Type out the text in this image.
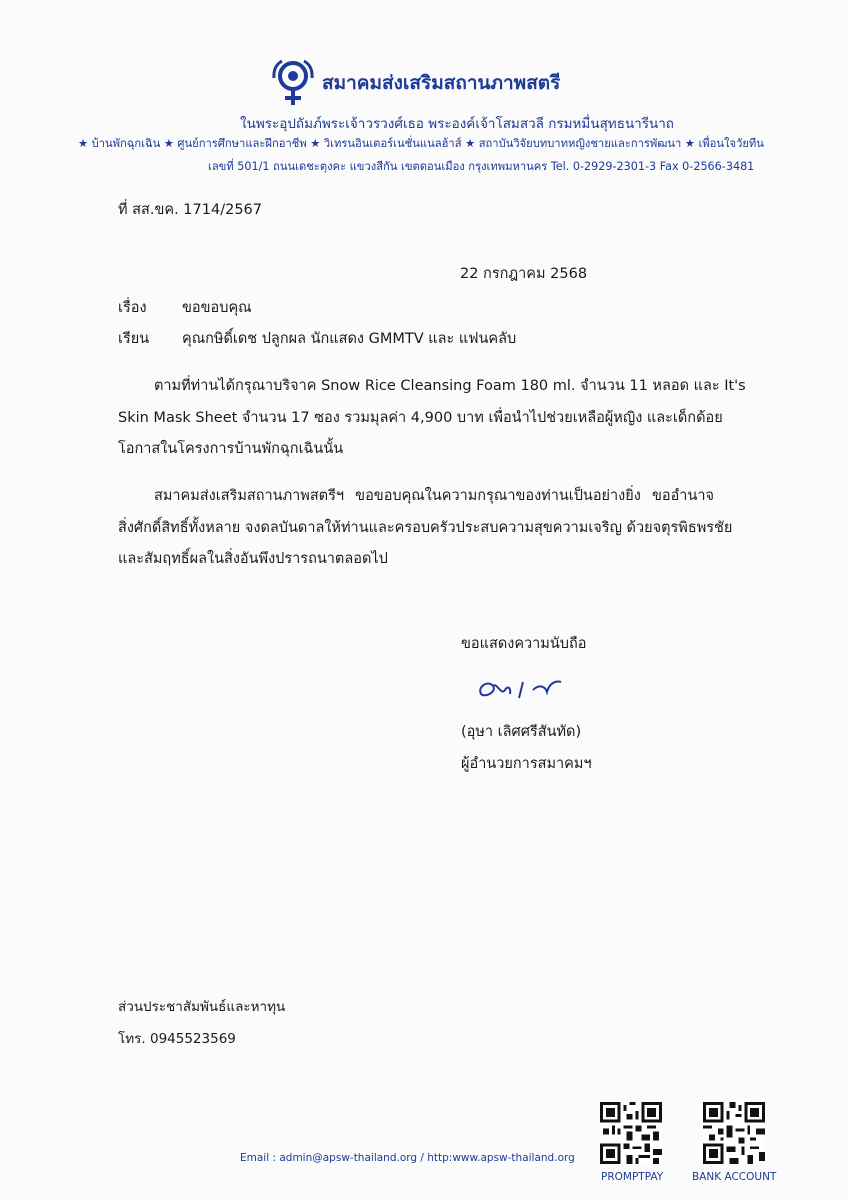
สมาคมส่งเสริมสถานภาพสตรี
ในพระอุปถัมภ์พระเจ้าวรวงศ์เธอ พระองค์เจ้าโสมสวลี กรมหมื่นสุทธนารีนาถ
★ บ้านพักฉุกเฉิน ★ ศูนย์การศึกษาและฝึกอาชีพ ★ วิเทรนอินเตอร์เนชั่นแนลฮ้าส์ ★ สถาบันวิจัยบทบาทหญิงชายและการพัฒนา ★ เพื่อนใจวัยทีน
เลขที่ 501/1 ถนนเดชะตุงคะ แขวงสีกัน เขตดอนเมือง กรุงเทพมหานคร Tel. 0-2929-2301-3 Fax 0-2566-3481
ที่ สส.ขค. 1714/2567
22 กรกฎาคม 2568
เรื่อง ขอขอบคุณ
เรียน คุณกษิดิ์เดช ปลูกผล นักแสดง GMMTV และ แฟนคลับ
ตามที่ท่านได้กรุณาบริจาค Snow Rice Cleansing Foam 180 ml. จำนวน 11 หลอด และ It's
Skin Mask Sheet จำนวน 17 ซอง รวมมุลค่า 4,900 บาท เพื่อนำไปช่วยเหลือผู้หญิง และเด็กด้อย
โอกาสในโครงการบ้านพักฉุกเฉินนั้น
สมาคมส่งเสริมสถานภาพสตรีฯ ขอขอบคุณในความกรุณาของท่านเป็นอย่างยิ่ง ขออำนาจ
สิ่งศักดิ์สิทธิ์ทั้งหลาย จงดลบันดาลให้ท่านและครอบครัวประสบความสุขความเจริญ ด้วยจตุรพิธพรชัย
และสัมฤทธิ์ผลในสิ่งอันพึงปรารถนาตลอดไป
ขอแสดงความนับถือ
(อุษา เลิศศรีสันทัด)
ผู้อำนวยการสมาคมฯ
ส่วนประชาสัมพันธ์และหาทุน
โทร. 0945523569
Email : admin@apsw-thailand.org / http:www.apsw-thailand.org
PROMPTPAY	BANK ACCOUNT
